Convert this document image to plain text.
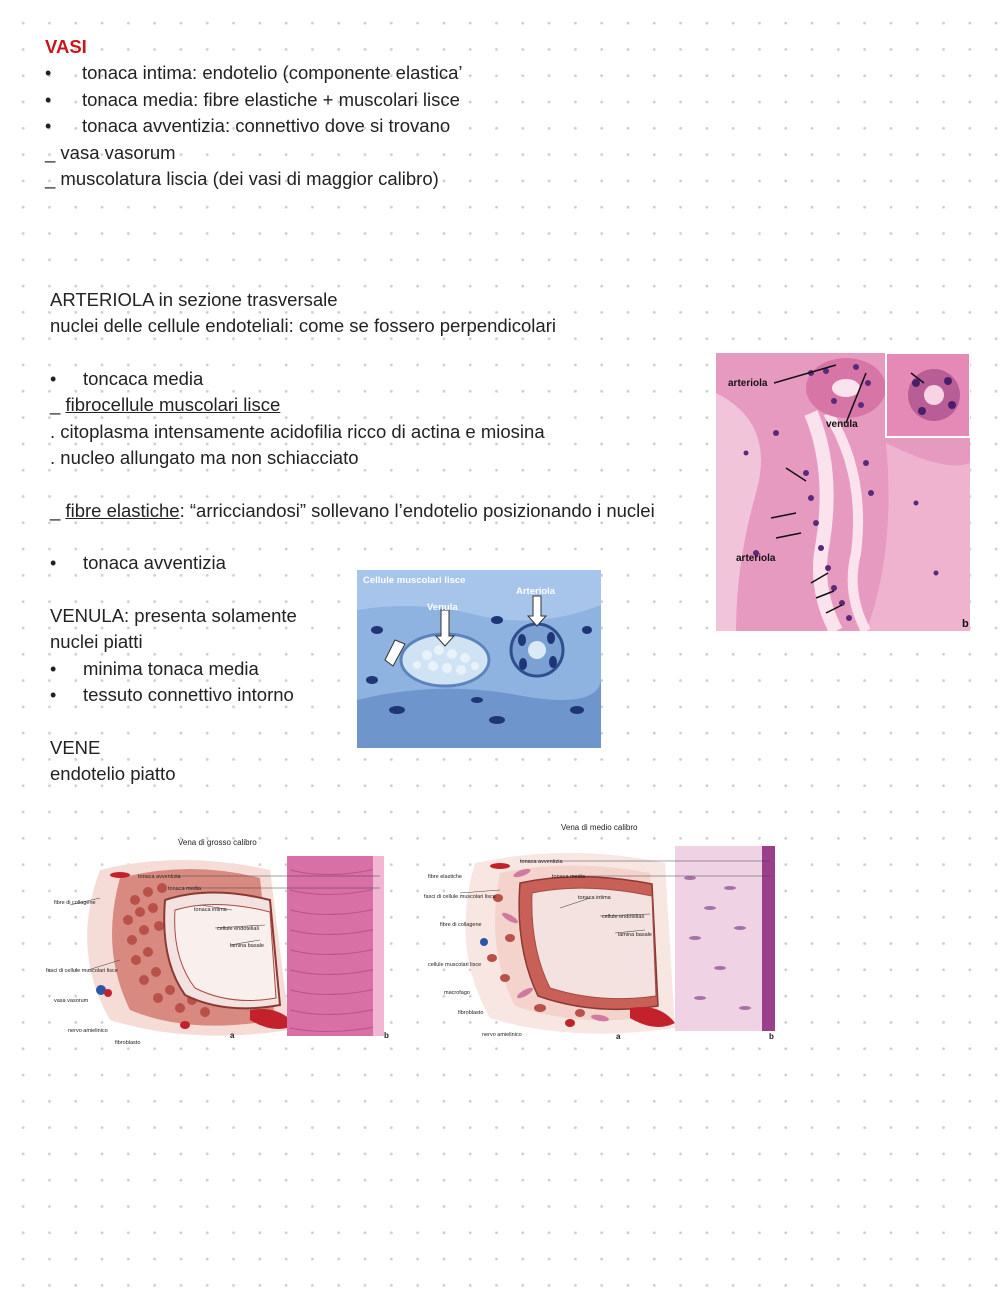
VASI
• tonaca intima: endotelio (componente elastica’
• tonaca media: fibre elastiche + muscolari lisce
• tonaca avventizia: connettivo dove si trovano
_ vasa vasorum
_ muscolatura liscia (dei vasi di maggior calibro)
ARTERIOLA in sezione trasversale
nuclei delle cellule endoteliali: come se fossero perpendicolari
• toncaca media
_ fibrocellule muscolari lisce
. citoplasma intensamente acidofilia ricco di actina e miosina
. nucleo allungato ma non schiacciato
_ fibre elastiche: “arricciandosi” sollevano l’endotelio posizionando i nuclei
• tonaca avventizia
VENULA: presenta solamente
nuclei piatti
• minima tonaca media
• tessuto connettivo intorno
VENE
endotelio piatto
arteriola
venula
arteriola
b
Cellule muscolari lisce
Venula
Arteriola
Vena di grosso calibro
tonaca avventizia
tonaca media
fibre di collagene
tonaca intima
cellule endoteliali
lamina basale
fasci di cellule muscolari lisce
vasa vasorum
nervo amielinico
fibroblasto
a	b
Vena di medio calibro
tonaca avventizia
fibre elastiche	tonaca media
fasci di cellule muscolari lisce	tonaca intima
fibre di collagene
cellule endoteliali
lamina basale
cellule muscolari lisce
macrofago
fibroblasto
nervo amielinico	a	b
